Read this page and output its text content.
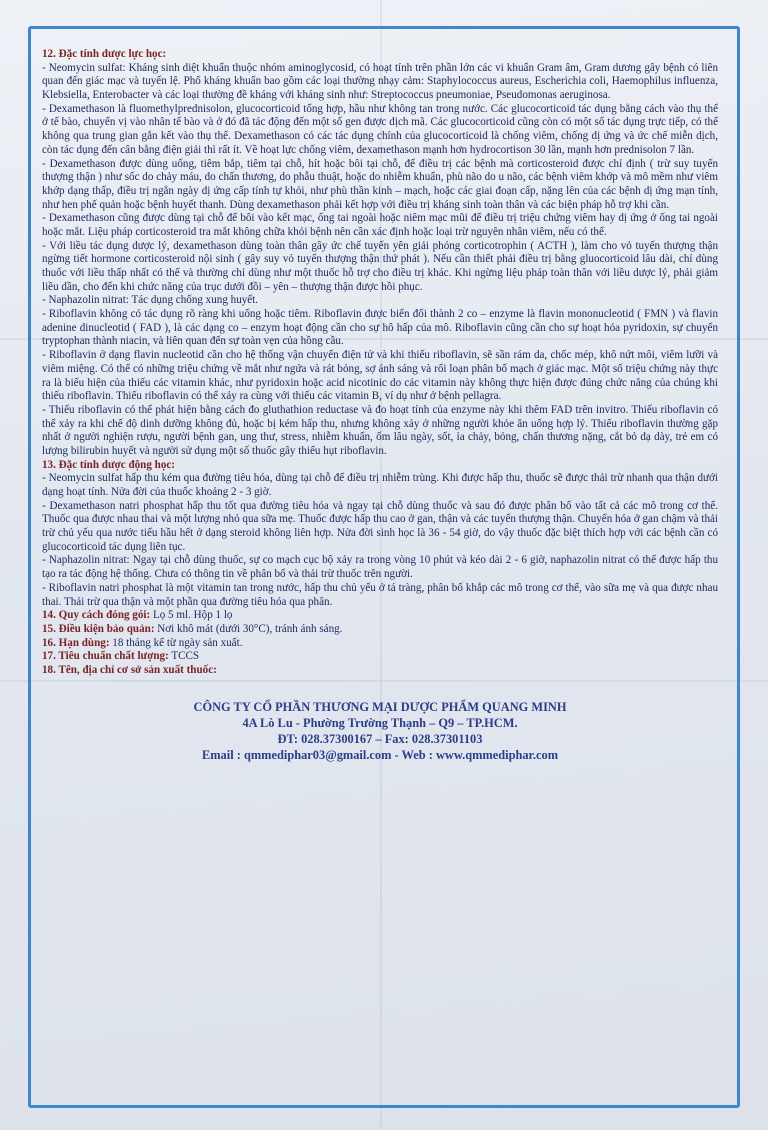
12. Đặc tính dược lực học:

- Neomycin sulfat: Kháng sinh diệt khuẩn thuộc nhóm aminoglycosid, có hoạt tính trên phần lớn các vi khuẩn Gram âm, Gram dương gây bệnh có liên quan đến giác mạc và tuyến lệ. Phổ kháng khuẩn bao gồm các loại thường nhạy cảm: Staphylococcus aureus, Escherichia coli, Haemophilus influenza, Klebsiella, Enterobacter và các loại thường đề kháng với kháng sinh như: Streptococcus pneumoniae, Pseudomonas aeruginosa.

- Dexamethason là fluomethylprednisolon, glucocorticoid tổng hợp, hầu như không tan trong nước. Các glucocorticoid tác dụng bằng cách vào thụ thể ở tế bào, chuyển vị vào nhân tế bào và ở đó đã tác động đến một số gen được dịch mã. Các glucocorticoid cũng còn có một số tác dụng trực tiếp, có thể không qua trung gian gắn kết vào thụ thể. Dexamethason có các tác dụng chính của glucocorticoid là chống viêm, chống dị ứng và ức chế miễn dịch, còn tác dụng đến cân bằng điện giải thì rất ít. Về hoạt lực chống viêm, dexamethason mạnh hơn hydrocortison 30 lần, mạnh hơn prednisolon 7 lần.

- Dexamethason được dùng uống, tiêm bắp, tiêm tại chỗ, hít hoặc bôi tại chỗ, để điều trị các bệnh mà corticosteroid được chỉ định ( trừ suy tuyến thượng thận ) như sốc do chảy máu, do chấn thương, do phẫu thuật, hoặc do nhiễm khuẩn, phù não do u não, các bệnh viêm khớp và mô mềm như viêm khớp dạng thấp, điều trị ngắn ngày dị ứng cấp tính tự khỏi, như phù thần kinh – mạch, hoặc các giai đoạn cấp, nặng lên của các bệnh dị ứng mạn tính, như hen phế quản hoặc bệnh huyết thanh. Dùng dexamethason phải kết hợp với điều trị kháng sinh toàn thân và các biện pháp hỗ trợ khi cần.

- Dexamethason cũng được dùng tại chỗ để bôi vào kết mạc, ống tai ngoài hoặc niêm mạc mũi để điều trị triệu chứng viêm hay dị ứng ở ống tai ngoài hoặc mắt. Liệu pháp corticosteroid tra mắt không chữa khỏi bệnh nên cần xác định hoặc loại trừ nguyên nhân viêm, nếu có thể.

- Với liều tác dụng dược lý, dexamethason dùng toàn thân gây ức chế tuyến yên giải phóng corticotrophin ( ACTH ), làm cho vỏ tuyến thượng thận ngừng tiết hormone corticosteroid nội sinh ( gây suy vỏ tuyến thượng thận thứ phát ). Nếu cần thiết phải điều trị bằng gluocorticoid lâu dài, chỉ dùng thuốc với liều thấp nhất có thể và thường chỉ dùng như một thuốc hỗ trợ cho điều trị khác. Khi ngừng liệu pháp toàn thân với liều dược lý, phải giảm liều dần, cho đến khi chức năng của trục dưới đồi – yên – thượng thận được hồi phục.

- Naphazolin nitrat: Tác dụng chống xung huyết.

- Riboflavin không có tác dụng rõ ràng khi uống hoặc tiêm. Riboflavin được biến đổi thành 2 co – enzyme là flavin mononucleotid ( FMN ) và flavin adenine dinucleotid ( FAD ), là các dạng co – enzym hoạt động cần cho sự hô hấp của mô. Riboflavin cũng cần cho sự hoạt hóa pyridoxin, sự chuyển tryptophan thành niacin, và liên quan đến sự toàn vẹn của hồng cầu.

- Riboflavin ở dạng flavin nucleotid cần cho hệ thống vận chuyển điện tử và khi thiếu riboflavin, sẽ sần rám da, chốc mép, khô nứt môi, viêm lưỡi và viêm miệng. Có thể có những triệu chứng về mắt như ngứa và rát bỏng, sợ ánh sáng và rối loạn phân bố mạch ở giác mạc. Một số triệu chứng này thực ra là biểu hiện của thiếu các vitamin khác, như pyridoxin hoặc acid nicotinic do các vitamin này không thực hiện được đúng chức năng của chúng khi thiếu riboflavin. Thiếu riboflavin có thể xảy ra cùng với thiếu các vitamin B, ví dụ như ở bệnh pellagra.

- Thiếu riboflavin có thể phát hiện bằng cách đo gluthathion reductase và đo hoạt tính của enzyme này khi thêm FAD trên invitro. Thiếu riboflavin có thể xảy ra khi chế độ dinh dưỡng không đủ, hoặc bị kém hấp thu, nhưng không xảy ở những người khỏe ăn uống hợp lý. Thiếu riboflavin thường gặp nhất ở người nghiện rượu, người bệnh gan, ung thư, stress, nhiễm khuẩn, ốm lâu ngày, sốt, ỉa chảy, bỏng, chấn thương nặng, cắt bỏ dạ dày, trẻ em có lượng bilirubin huyết và người sử dụng một số thuốc gây thiếu hụt riboflavin.

13. Đặc tính dược động học:

- Neomycin sulfat hấp thu kém qua đường tiêu hóa, dùng tại chỗ để điều trị nhiễm trùng. Khi được hấp thu, thuốc sẽ được thải trừ nhanh qua thận dưới dạng hoạt tính. Nửa đời của thuốc khoảng 2 - 3 giờ.

- Dexamethason natri phosphat hấp thu tốt qua đường tiêu hóa và ngay tại chỗ dùng thuốc và sau đó được phân bố vào tất cả các mô trong cơ thể. Thuốc qua được nhau thai và một lượng nhỏ qua sữa mẹ. Thuốc được hấp thu cao ở gan, thận và các tuyến thượng thận. Chuyển hóa ở gan chậm và thải trừ chủ yếu qua nước tiểu hầu hết ở dạng steroid không liên hợp. Nửa đời sinh học là 36 - 54 giờ, do vậy thuốc đặc biệt thích hợp với các bệnh cần có glucocorticoid tác dụng liên tục.

- Naphazolin nitrat: Ngay tại chỗ dùng thuốc, sự co mạch cục bộ xảy ra trong vòng 10 phút và kéo dài 2 - 6 giờ, naphazolin nitrat có thể được hấp thu tạo ra tác động hệ thống. Chưa có thông tin về phân bố và thải trừ thuốc trên người.

- Riboflavin natri phosphat là một vitamin tan trong nước, hấp thu chủ yếu ở tá tràng, phân bố khắp các mô trong cơ thể, vào sữa mẹ và qua được nhau thai. Thải trừ qua thận và một phần qua đường tiêu hóa qua phân.

14. Quy cách đóng gói: Lọ 5 ml. Hộp 1 lọ

15. Điều kiện bảo quản: Nơi khô mát (dưới 30°C), tránh ánh sáng.

16. Hạn dùng: 18 tháng kể từ ngày sản xuất.

17. Tiêu chuẩn chất lượng: TCCS

18. Tên, địa chỉ cơ sở sản xuất thuốc:

CÔNG TY CỔ PHẦN THƯƠNG MẠI DƯỢC PHẨM QUANG MINH

4A Lò Lu - Phường Trường Thạnh – Q9 – TP.HCM.

ĐT: 028.37300167 – Fax: 028.37301103

Email : qmmediphar03@gmail.com - Web : www.qmmediphar.com
